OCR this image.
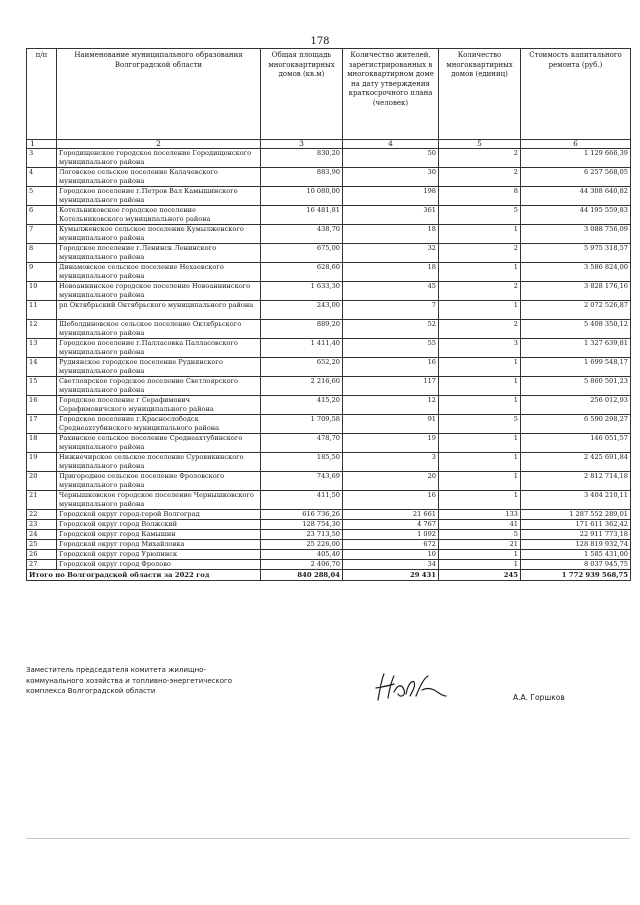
178
п/п	Наименование муниципального образования Волгоградской области	Общая площадь многоквартирных домов (кв.м)	Количество жителей, зарегистрированных в многоквартирном доме на дату утверждения краткосрочного плана (человек)	Количество многоквартирных домов (единиц)	Стоимость капитального ремонта (руб.)
1	2	3	4	5	6
3	Городищенское городское поселение Городищенского муниципального района	830,20	50	2	1 129 666,39
4	Логовское сельское поселение Калачевского муниципального района	883,90	30	2	6 257 568,05
5	Городское поселение г.Петров Вал Камышинского муниципального района	10 080,00	198	8	44 308 640,82
6	Котельниковское городское поселение Котельниковского муниципального района	16 481,81	361	5	44 195 559,83
7	Кумылженское сельское поселение Кумылженского муниципального района	438,70	18	1	3 088 756,09
8	Городское поселение г.Ленинск Ленинского муниципального района	675,00	32	2	5 975 318,57
9	Динамовское сельское поселение Нехаевского муниципального района	628,60	18	1	3 586 824,00
10	Новоаннинское городское поселение Новоаннинского муниципального района	1 633,30	45	2	3 828 176,16
11	рп Октябрьский Октябрьского муниципального района	243,00	7	1	2 072 526,87
12	Шеболдиновское сельское поселение Октябрьского муниципального района	889,20	52	2	5 408 350,12
13	Городское поселение г.Палласовка Палласовского муниципального района	1 411,40	55	3	1 327 639,81
14	Руднянское городское поселение Руднянского муниципального района	652,20	16	1	1 699 548,17
15	Светлоярское городское поселение Светлоярского муниципального района	2 216,60	117	1	5 860 501,23
16	Городское поселение г Серафимович Серафимовичского муниципального района	415,20	12	1	256 012,93
17	Городское поселение г.Краснослободск Среднеахтубинского муниципального района	1 709,58	91	5	6 590 298,27
18	Рахинское сельское поселение Среднеахтубинского муниципального района	478,70	19	1	146 051,57
19	Нижнечирское сельское поселение Суровикинского муниципального района	185,50	3	1	2 425 691,84
20	Пригородное сельское поселение Фроловского муниципального района	743,69	20	1	2 812 714,18
21	Чернышковское городское поселение Чернышковского муниципального района	411,50	16	1	3 404 210,11
22	Городской округ город-герой Волгоград	616 736,26	21 661	133	1 287 552 289,01
23	Городской округ город Волжский	128 754,30	4 767	41	171 611 362,42
24	Городской округ город Камышин	23 713,50	1 092	5	22 911 773,18
25	Городской округ город Михайловка	25 226,00	672	21	128 819 932,74
26	Городской округ город Урюпинск	405,40	10	1	1 585 431,00
27	Городской округ город Фролово	2 406,70	34	1	8 037 945,75
Итого по Волгоградской области за 2022 год		840 288,04	29 431	245	1 772 939 568,75
Заместитель председателя комитета жилищно-
коммунального хозяйства и топливно-энергетического
комплекса Волгоградской области
А.А. Горшков
